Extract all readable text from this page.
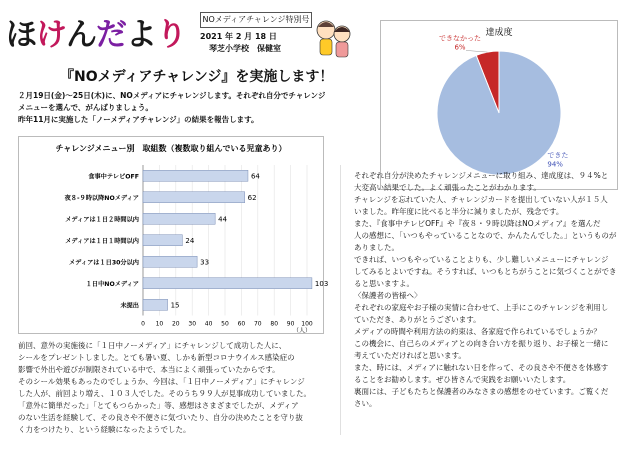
ほけんだより	NOメディアチャレンジ特別号
2021 年 2 月 18 日
琴芝小学校　保健室
『NOメディアチャレンジ』を実施します！
２月19日(金)～25日(木)に、NOメディアにチャレンジします。それぞれ自分でチャレンジ
メニューを選んで、がんばりましょう。
昨年11月に実施した「ノーメディアチャレンジ」の結果を報告します。
チャレンジメニュー別　取組数（複数取り組んでいる児童あり）
0 10 20 30 40 50 60 70 80 90 100
（人）
食事中テレビOFF	64
夜８-９時以降NOメディア	62
メディアは１日２時間以内	44
メディアは１日１時間以内	24
メディアは１日30分以内	33
１日中NOメディア	103
未提出	15

前回、意外の実施後に「１日中ノーメディア」にチャレンジして成功した人に、

シールをプレゼントしました。とても暑い夏、しかも新型コロナウイルス感染症の

影響で外出や遊びが制限されている中で、本当によく頑張っていたからです。

そのシール効果もあったのでしょうか、今回は、「１日中ノーメディア」にチャレンジ

した人が、前回より増え、１０３人でした。そのうち９９人が見事成功していました。

「意外に簡単だった」「とてもつらかった」等、感想はさまざまでしたが、メディア

のない生活を経験して、その良さや不便さに気づいたり、自分の決めたことを守り抜

く力をつけたり、という経験になったようでした。

達成度
できた 94%
できなかった 6%

それぞれ自分が決めたチャレンジメニューに取り組み、達成度は、９４%と

大変高い結果でした。よく頑張ったことがわかります。

チャレンジを忘れていた人、チャレンジカードを提出していない人が１５人

いました。昨年度に比べると半分に減りましたが、残念です。

また、『食事中テレビOFF』や『夜８・９時以降はNOメディア』を選んだ

人の感想に、「いつもやっていることなので、かんたんでした。」というものが

ありました。

できれば、いつもやっていることよりも、少し難しいメニューにチャレンジ

してみるとよいですね。そうすれば、いつもとちがうことに気づくことができ

ると思いますよ。

〈保護者の皆様へ〉

それぞれの家庭やお子様の実情に合わせて、上手にこのチャレンジを利用し

ていただき、ありがとうございます。

メディアの時間や利用方法の約束は、各家庭で作られているでしょうか？

この機会に、自己らのメディアとの向き合い方を振り返り、お子様と一緒に

考えていただければと思います。

また、時には、メディアに触れない日を作って、その良さや不便さを体感す

ることをお勧めします。ぜひ皆さんで実践をお願いいたします。

裏面には、子どもたちと保護者のみなさまの感想をのせています。ご覧くだ

さい。
